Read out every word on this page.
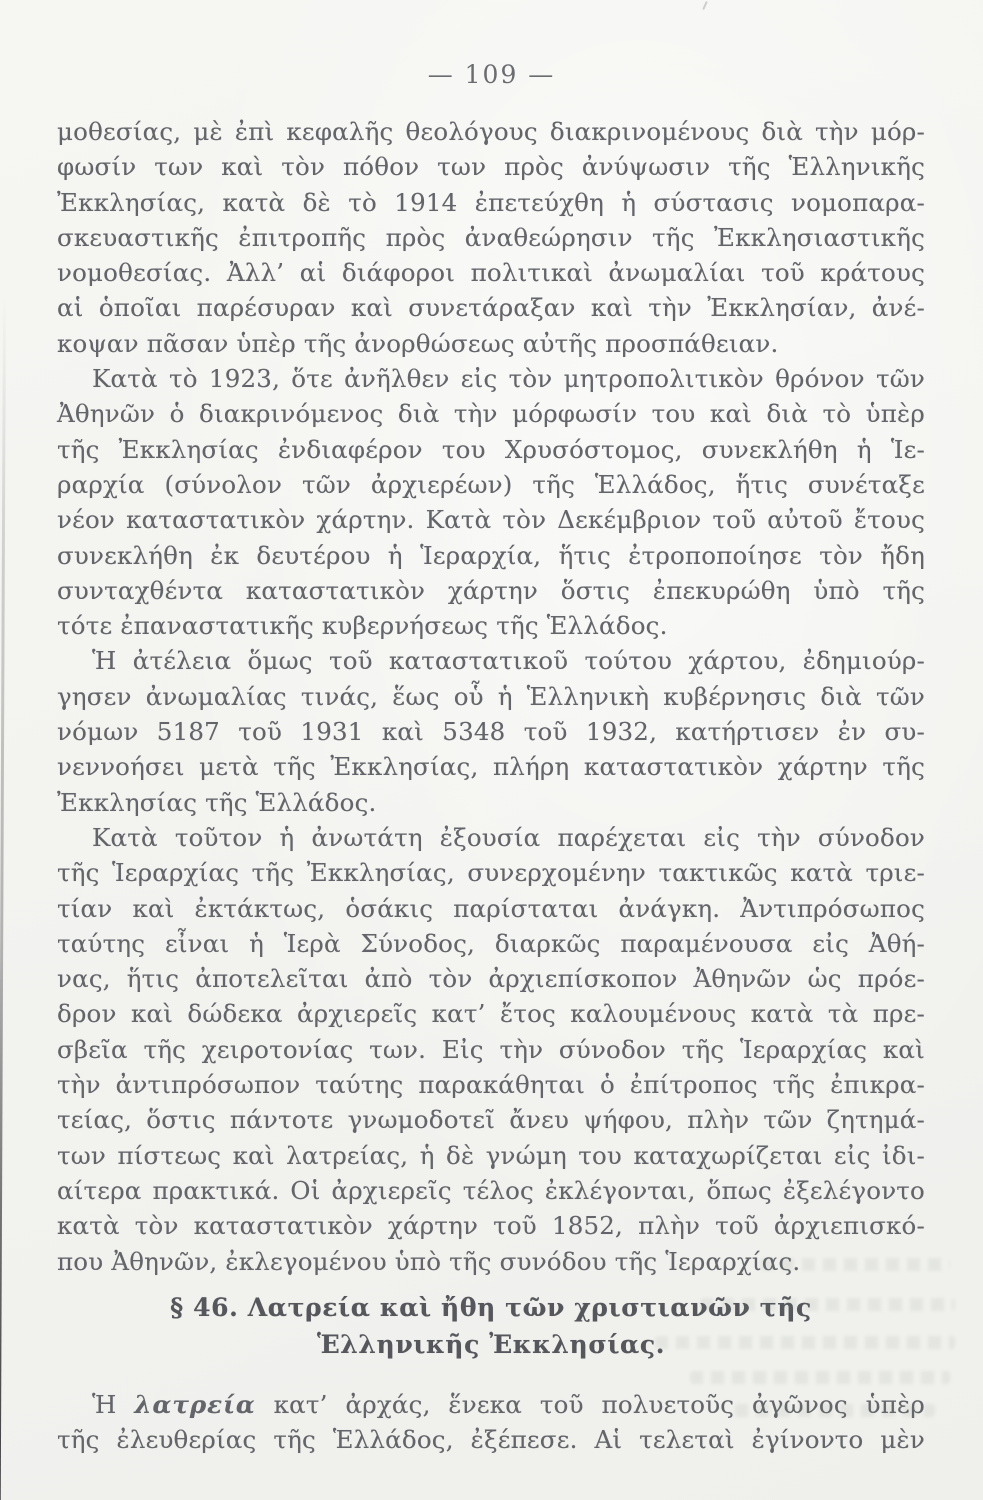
— 109 —
μοθεσίας, μὲ ἐπὶ κεφαλῆς θεολόγους διακρινομένους διὰ τὴν μόρ-
φωσίν των καὶ τὸν πόθον των πρὸς ἀνύψωσιν τῆς Ἑλληνικῆς
Ἐκκλησίας, κατὰ δὲ τὸ 1914 ἐπετεύχθη ἡ σύστασις νομοπαρα-
σκευαστικῆς ἐπιτροπῆς πρὸς ἀναθεώρησιν τῆς Ἐκκλησιαστικῆς
νομοθεσίας. Ἀλλ’ αἱ διάφοροι πολιτικαὶ ἀνωμαλίαι τοῦ κράτους
αἱ ὁποῖαι παρέσυραν καὶ συνετάραξαν καὶ τὴν Ἐκκλησίαν, ἀνέ-
κοψαν πᾶσαν ὑπὲρ τῆς ἀνορθώσεως αὐτῆς προσπάθειαν.
Κατὰ τὸ 1923, ὅτε ἀνῆλθεν εἰς τὸν μητροπολιτικὸν θρόνον τῶν
Ἀθηνῶν ὁ διακρινόμενος διὰ τὴν μόρφωσίν του καὶ διὰ τὸ ὑπὲρ
τῆς Ἐκκλησίας ἐνδιαφέρον του Χρυσόστομος, συνεκλήθη ἡ Ἱε-
ραρχία (σύνολον τῶν ἀρχιερέων) τῆς Ἑλλάδος, ἥτις συνέταξε
νέον καταστατικὸν χάρτην. Κατὰ τὸν Δεκέμβριον τοῦ αὐτοῦ ἔτους
συνεκλήθη ἐκ δευτέρου ἡ Ἱεραρχία, ἥτις ἐτροποποίησε τὸν ἤδη
συνταχθέντα καταστατικὸν χάρτην ὅστις ἐπεκυρώθη ὑπὸ τῆς
τότε ἐπαναστατικῆς κυβερνήσεως τῆς Ἑλλάδος.
Ἡ ἀτέλεια ὅμως τοῦ καταστατικοῦ τούτου χάρτου, ἐδημιούρ-
γησεν ἀνωμαλίας τινάς, ἕως οὗ ἡ Ἑλληνικὴ κυβέρνησις διὰ τῶν
νόμων 5187 τοῦ 1931 καὶ 5348 τοῦ 1932, κατήρτισεν ἐν συ-
νεννοήσει μετὰ τῆς Ἐκκλησίας, πλήρη καταστατικὸν χάρτην τῆς
Ἐκκλησίας τῆς Ἑλλάδος.
Κατὰ τοῦτον ἡ ἀνωτάτη ἐξουσία παρέχεται εἰς τὴν σύνοδον
τῆς Ἱεραρχίας τῆς Ἐκκλησίας, συνερχομένην τακτικῶς κατὰ τριε-
τίαν καὶ ἐκτάκτως, ὁσάκις παρίσταται ἀνάγκη. Ἀντιπρόσωπος
ταύτης εἶναι ἡ Ἱερὰ Σύνοδος, διαρκῶς παραμένουσα εἰς Ἀθή-
νας, ἥτις ἀποτελεῖται ἀπὸ τὸν ἀρχιεπίσκοπον Ἀθηνῶν ὡς πρόε-
δρον καὶ δώδεκα ἀρχιερεῖς κατ’ ἔτος καλουμένους κατὰ τὰ πρε-
σβεῖα τῆς χειροτονίας των. Εἰς τὴν σύνοδον τῆς Ἱεραρχίας καὶ
τὴν ἀντιπρόσωπον ταύτης παρακάθηται ὁ ἐπίτροπος τῆς ἐπικρα-
τείας, ὅστις πάντοτε γνωμοδοτεῖ ἄνευ ψήφου, πλὴν τῶν ζητημά-
των πίστεως καὶ λατρείας, ἡ δὲ γνώμη του καταχωρίζεται εἰς ἰδι-
αίτερα πρακτικά. Οἱ ἀρχιερεῖς τέλος ἐκλέγονται, ὅπως ἐξελέγοντο
κατὰ τὸν καταστατικὸν χάρτην τοῦ 1852, πλὴν τοῦ ἀρχιεπισκό-
που Ἀθηνῶν, ἐκλεγομένου ὑπὸ τῆς συνόδου τῆς Ἱεραρχίας.
§ 46. Λατρεία καὶ ἤθη τῶν χριστιανῶν τῆς
Ἑλληνικῆς Ἐκκλησίας.
Ἡ λατρεία κατ’ ἀρχάς, ἕνεκα τοῦ πολυετοῦς ἀγῶνος ὑπὲρ
τῆς ἐλευθερίας τῆς Ἑλλάδος, ἐξέπεσε. Αἱ τελεταὶ ἐγίνοντο μὲν
